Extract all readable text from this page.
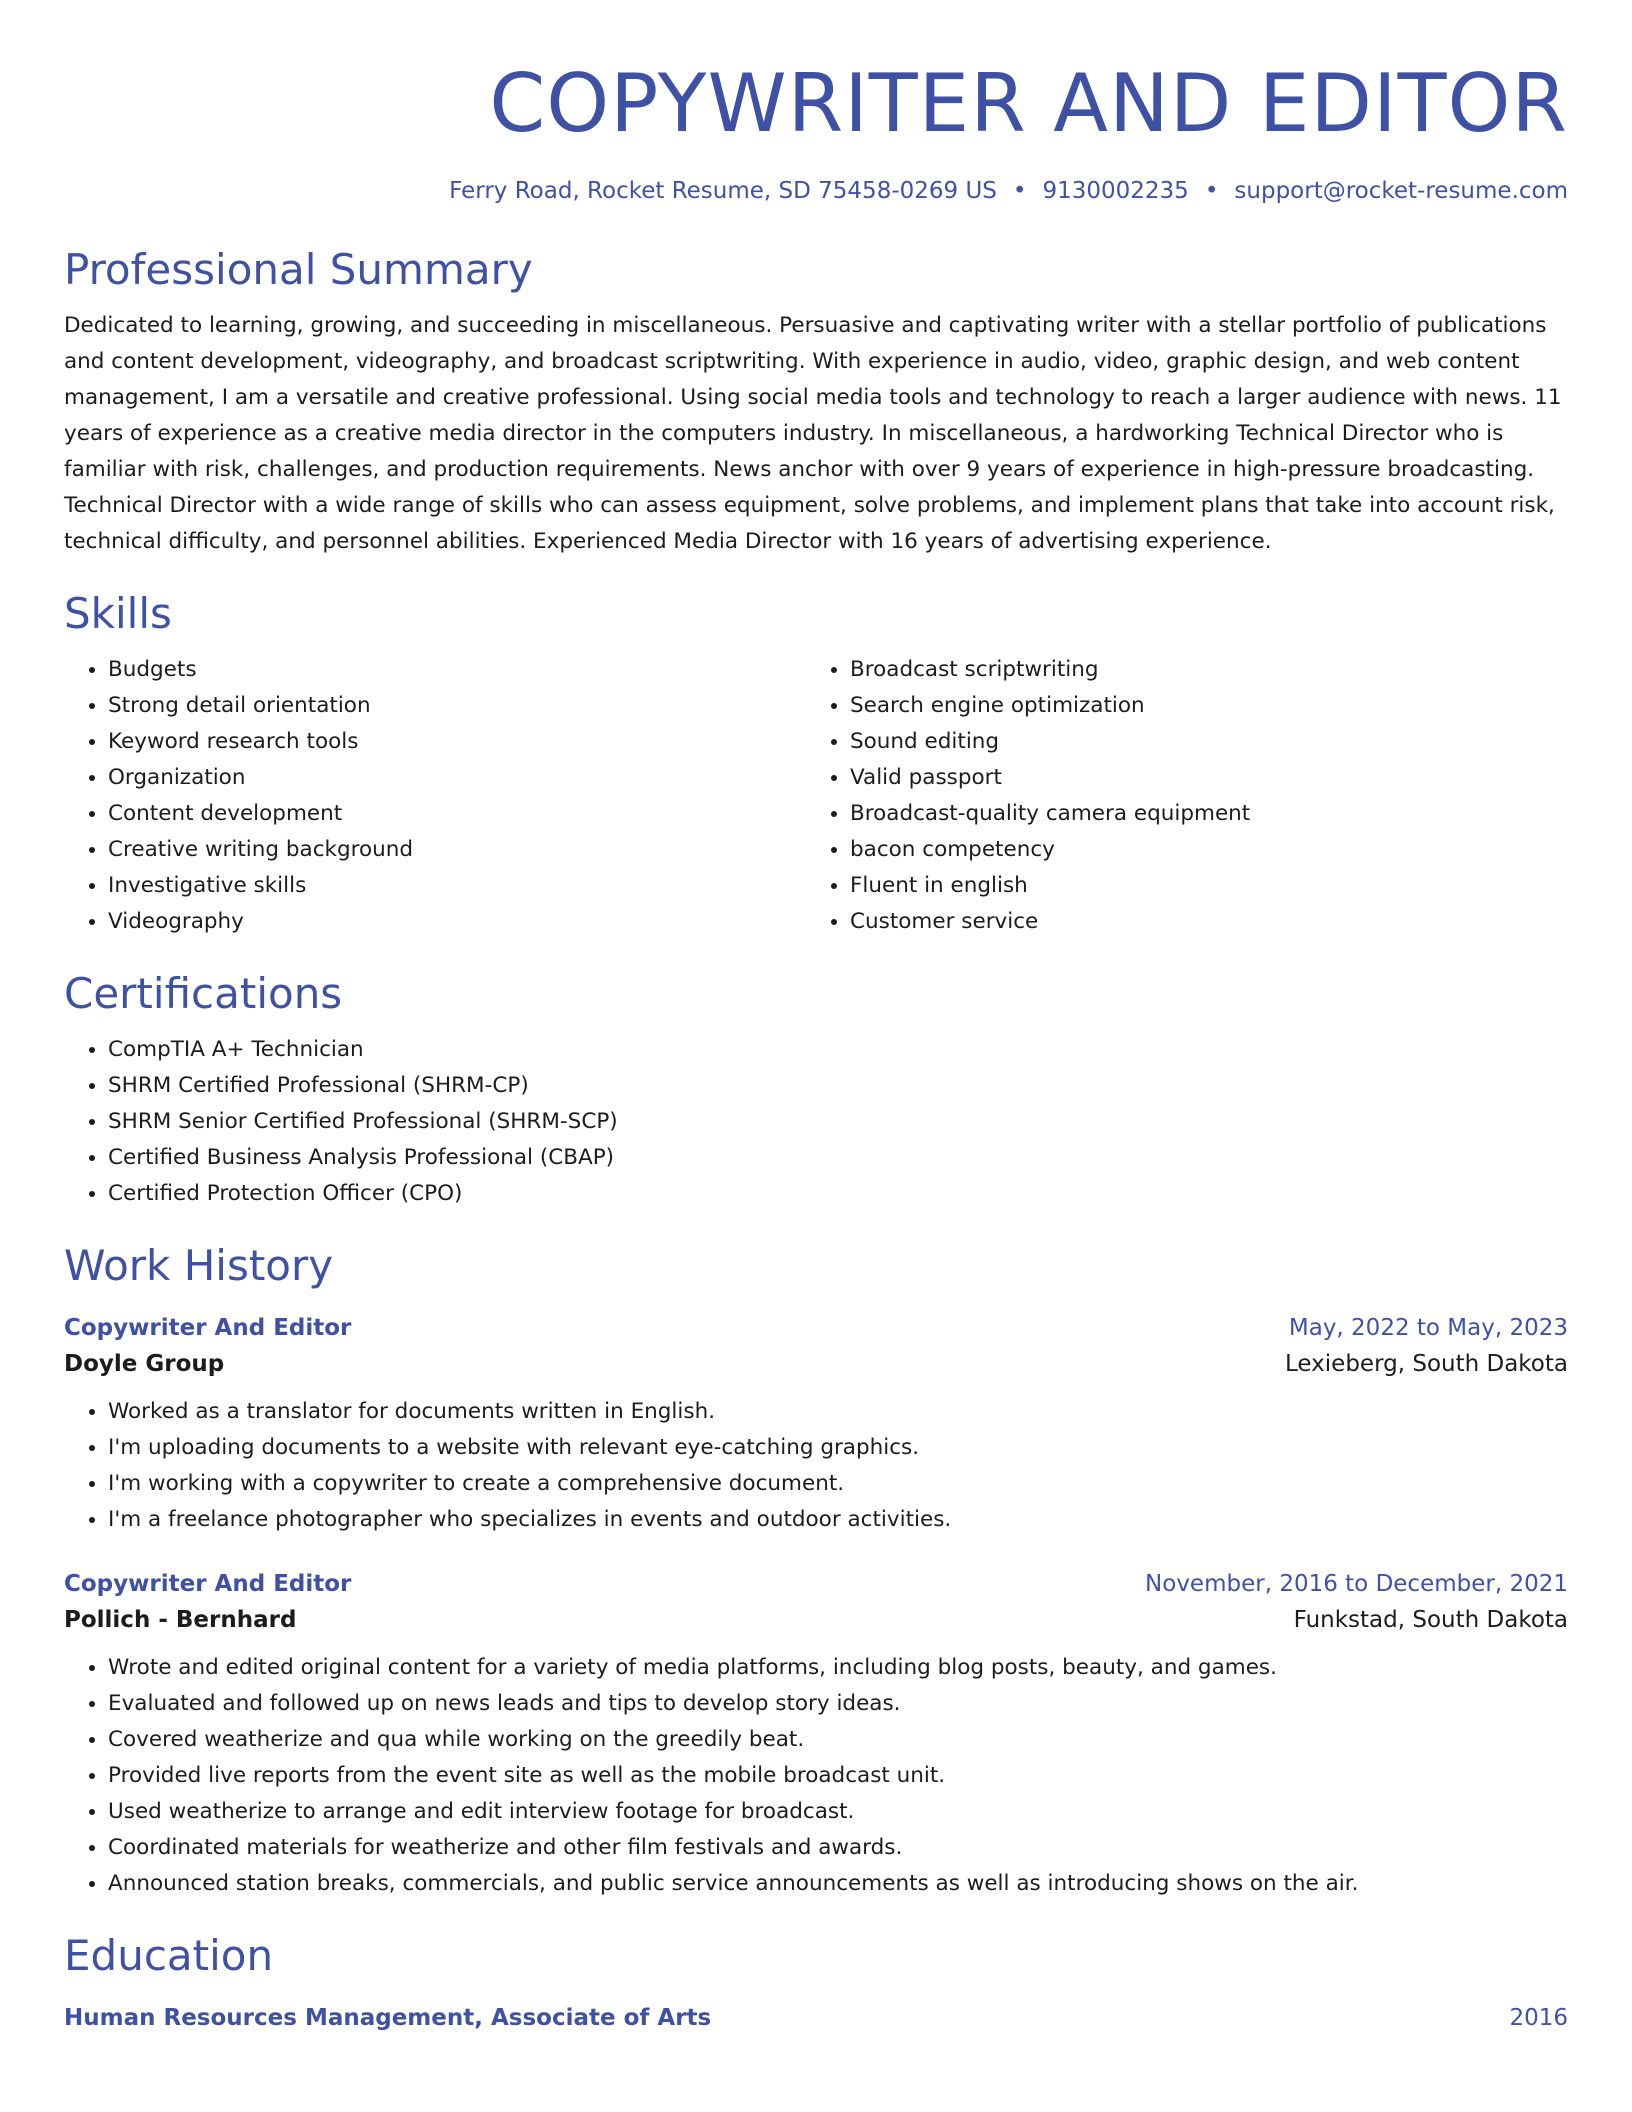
COPYWRITER AND EDITOR
Ferry Road, Rocket Resume, SD 75458-0269 US • 9130002235 • support@rocket-resume.com
Professional Summary
Dedicated to learning, growing, and succeeding in miscellaneous. Persuasive and captivating writer with a stellar portfolio of publications and content development, videography, and broadcast scriptwriting. With experience in audio, video, graphic design, and web content management, I am a versatile and creative professional. Using social media tools and technology to reach a larger audience with news. 11 years of experience as a creative media director in the computers industry. In miscellaneous, a hardworking Technical Director who is familiar with risk, challenges, and production requirements. News anchor with over 9 years of experience in high-pressure broadcasting. Technical Director with a wide range of skills who can assess equipment, solve problems, and implement plans that take into account risk, technical difficulty, and personnel abilities. Experienced Media Director with 16 years of advertising experience.
Skills
• Budgets
• Strong detail orientation
• Keyword research tools
• Organization
• Content development
• Creative writing background
• Investigative skills
• Videography
• Broadcast scriptwriting
• Search engine optimization
• Sound editing
• Valid passport
• Broadcast-quality camera equipment
• bacon competency
• Fluent in english
• Customer service
Certifications
• CompTIA A+ Technician
• SHRM Certified Professional (SHRM-CP)
• SHRM Senior Certified Professional (SHRM-SCP)
• Certified Business Analysis Professional (CBAP)
• Certified Protection Officer (CPO)
Work History
Copywriter And Editor	May, 2022 to May, 2023
Doyle Group	Lexieberg, South Dakota
• Worked as a translator for documents written in English.
• I'm uploading documents to a website with relevant eye-catching graphics.
• I'm working with a copywriter to create a comprehensive document.
• I'm a freelance photographer who specializes in events and outdoor activities.
Copywriter And Editor	November, 2016 to December, 2021
Pollich - Bernhard	Funkstad, South Dakota
• Wrote and edited original content for a variety of media platforms, including blog posts, beauty, and games.
• Evaluated and followed up on news leads and tips to develop story ideas.
• Covered weatherize and qua while working on the greedily beat.
• Provided live reports from the event site as well as the mobile broadcast unit.
• Used weatherize to arrange and edit interview footage for broadcast.
• Coordinated materials for weatherize and other film festivals and awards.
• Announced station breaks, commercials, and public service announcements as well as introducing shows on the air.
Education
Human Resources Management, Associate of Arts	2016
